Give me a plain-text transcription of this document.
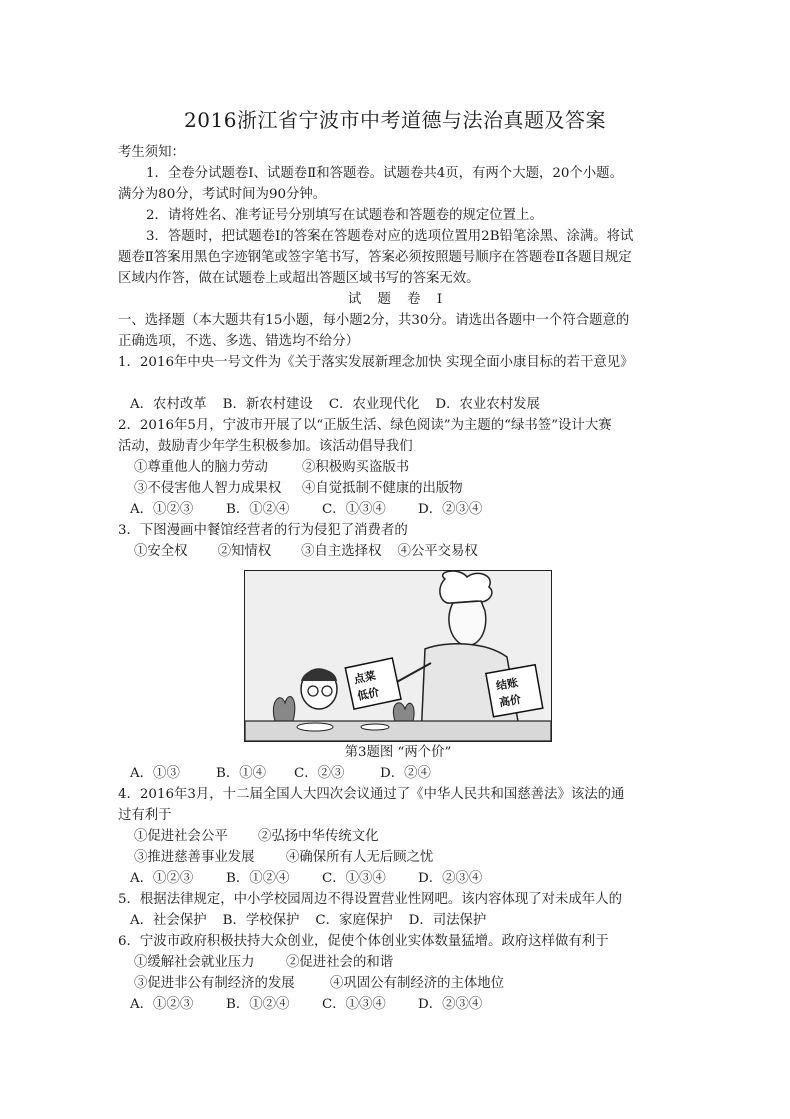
2016浙江省宁波市中考道德与法治真题及答案

考生须知：

1．全卷分试题卷Ⅰ、试题卷Ⅱ和答题卷。试题卷共4页，有两个大题，20个小题。

满分为80分，考试时间为90分钟。

2．请将姓名、准考证号分别填写在试题卷和答题卷的规定位置上。

3．答题时，把试题卷Ⅰ的答案在答题卷对应的选项位置用2B铅笔涂黑、涂满。将试

题卷Ⅱ答案用黑色字迹钢笔或签字笔书写，答案必须按照题号顺序在答题卷Ⅱ各题目规定

区域内作答，做在试题卷上或超出答题区域书写的答案无效。

试 题 卷 Ⅰ

一、选择题（本大题共有15小题，每小题2分，共30分。请选出各题中一个符合题意的

正确选项，不选、多选、错选均不给分）

1．2016年中央一号文件为《关于落实发展新理念加快 实现全面小康目标的若干意见》

A．农村改革 B．新农村建设 C．农业现代化 D．农业农村发展

2．2016年5月，宁波市开展了以“正版生活、绿色阅读”为主题的“绿书签”设计大赛

活动，鼓励青少年学生积极参加。该活动倡导我们

①尊重他人的脑力劳动	②积极购买盗版书
③不侵害他人智力成果权	④自觉抵制不健康的出版物
A．①②③	B．①②④	C．①③④	D．②③④

3．下图漫画中餐馆经营者的行为侵犯了消费者的

①安全权 ②知情权 ③自主选择权 ④公平交易权
点菜
低价
结账
高价

第3题图 “两个价”

A．①③	B．①④	C．②③	D．②④

4．2016年3月，十二届全国人大四次会议通过了《中华人民共和国慈善法》该法的通

过有利于

①促进社会公平	②弘扬中华传统文化
③推进慈善事业发展	④确保所有人无后顾之忧
A．①②③	B．①②④	C．①③④	D．②③④

5．根据法律规定，中小学校园周边不得设置营业性网吧。该内容体现了对未成年人的

A．社会保护 B．学校保护 C．家庭保护 D．司法保护

6．宁波市政府积极扶持大众创业，促使个体创业实体数量猛增。政府这样做有利于

①缓解社会就业压力	②促进社会的和谐
③促进非公有制经济的发展	④巩固公有制经济的主体地位
A．①②③	B．①②④	C．①③④	D．②③④
